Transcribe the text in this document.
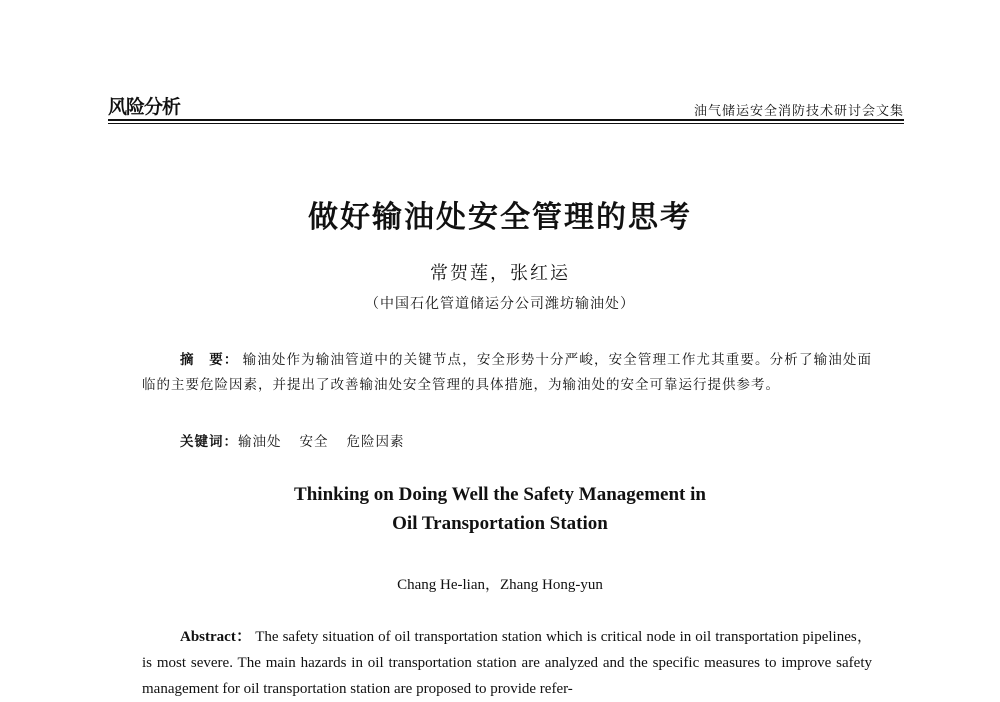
风险分析	油气储运安全消防技术研讨会文集
做好输油处安全管理的思考
常贺莲，张红运
（中国石化管道储运分公司潍坊输油处）

摘　要： 输油处作为输油管道中的关键节点，安全形势十分严峻，安全管理工作尤其重要。分析了输油处面临的主要危险因素，并提出了改善输油处安全管理的具体措施，为输油处的安全可靠运行提供参考。

关键词：输油处 安全 危险因素
Thinking on Doing Well the Safety Management in
Oil Transportation Station
Chang He-lian，Zhang Hong-yun

Abstract： The safety situation of oil transportation station which is critical node in oil transportation pipelines， is most severe. The main hazards in oil transportation station are analyzed and the specific measures to improve safety management for oil transportation station are proposed to provide refer-
